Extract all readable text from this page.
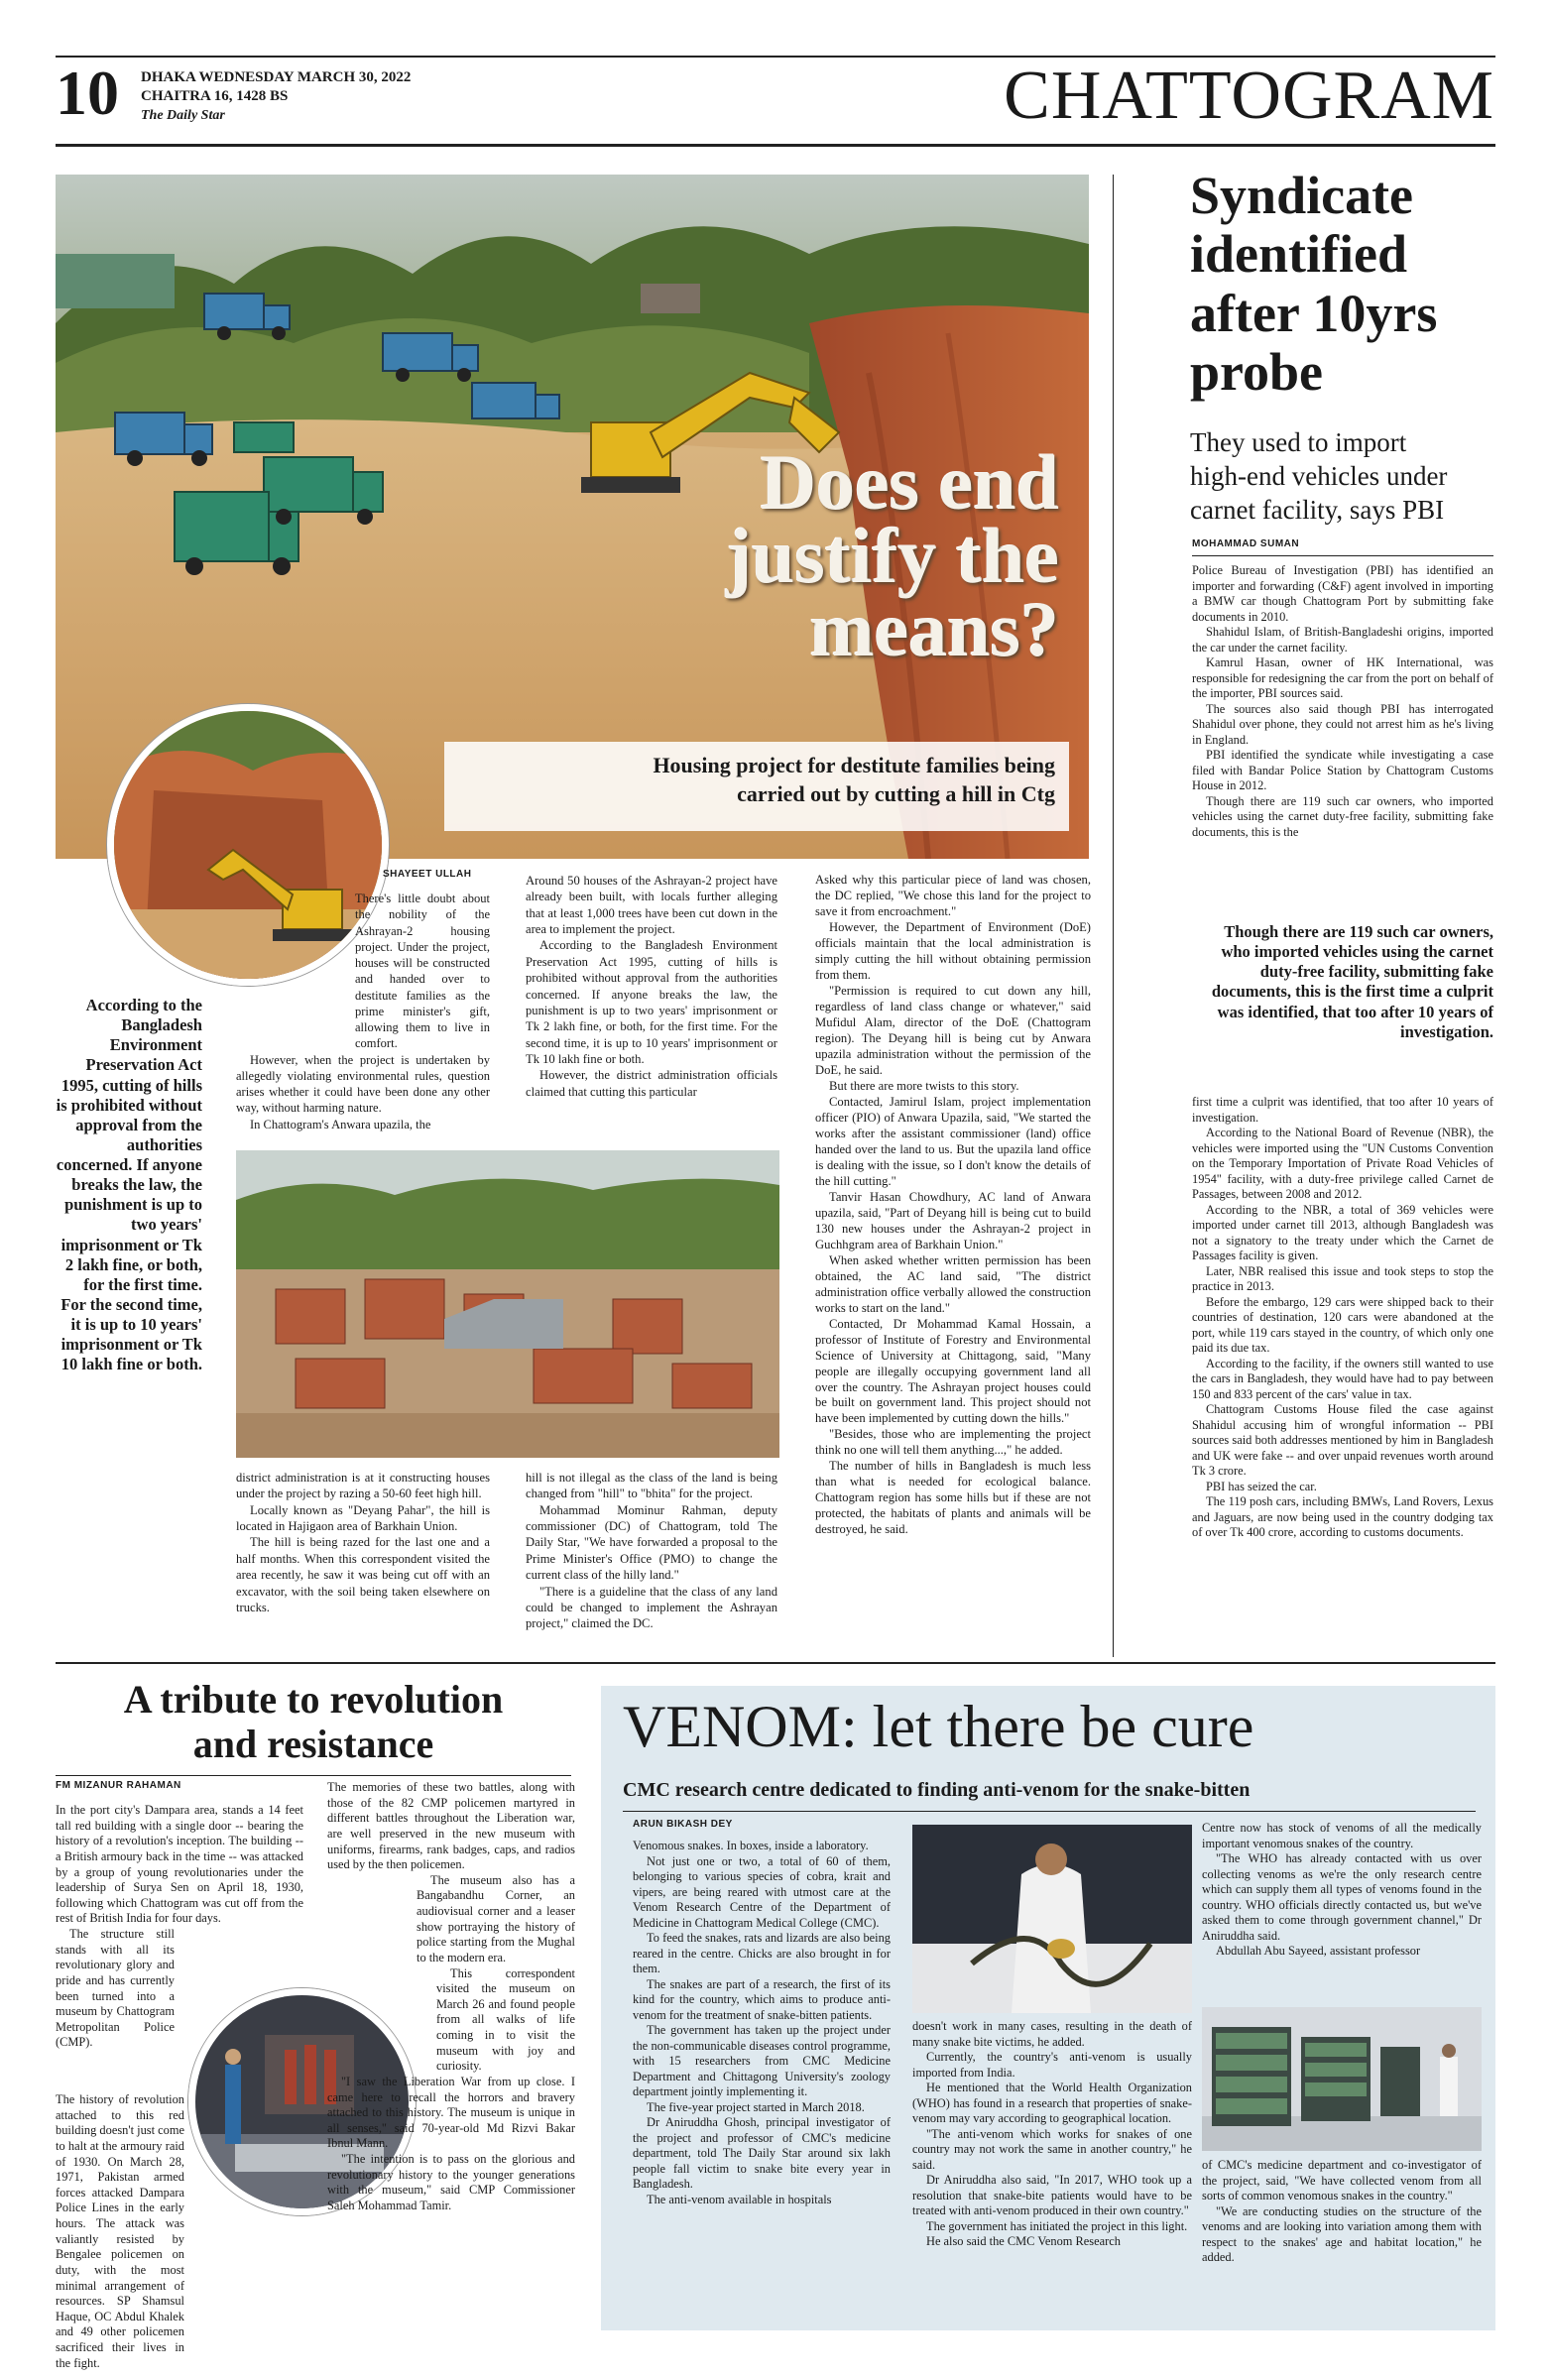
10 DHAKA WEDNESDAY MARCH 30, 2022
CHAITRA 16, 1428 BS
The Daily Star	CHATTOGRAM
Does end
justify the
means?
Housing project for destitute families being
carried out by cutting a hill in Ctg
SHAYEET ULLAH
According to the Bangladesh Environment Preservation Act 1995, cutting of hills is prohibited without approval from the authorities concerned. If anyone breaks the law, the punishment is up to two years' imprisonment or Tk 2 lakh fine, or both, for the first time. For the second time, it is up to 10 years' imprisonment or Tk 10 lakh fine or both.

There's little doubt about the nobility of the Ashrayan-2 housing project. Under the project, houses will be constructed and handed over to destitute families as the prime minister's gift, allowing them to live in comfort.

However, when the project is undertaken by allegedly violating environmental rules, question arises whether it could have been done any other way, without harming nature.

In Chattogram's Anwara upazila, the

Around 50 houses of the Ashrayan-2 project have already been built, with locals further alleging that at least 1,000 trees have been cut down in the area to implement the project.

According to the Bangladesh Environment Preservation Act 1995, cutting of hills is prohibited without approval from the authorities concerned. If anyone breaks the law, the punishment is up to two years' imprisonment or Tk 2 lakh fine, or both, for the first time. For the second time, it is up to 10 years' imprisonment or Tk 10 lakh fine or both.

However, the district administration officials claimed that cutting this particular

district administration is at it constructing houses under the project by razing a 50-60 feet high hill.

Locally known as "Deyang Pahar", the hill is located in Hajigaon area of Barkhain Union.

The hill is being razed for the last one and a half months. When this correspondent visited the area recently, he saw it was being cut off with an excavator, with the soil being taken elsewhere on trucks.

hill is not illegal as the class of the land is being changed from "hill" to "bhita" for the project.

Mohammad Mominur Rahman, deputy commissioner (DC) of Chattogram, told The Daily Star, "We have forwarded a proposal to the Prime Minister's Office (PMO) to change the current class of the hilly land."

"There is a guideline that the class of any land could be changed to implement the Ashrayan project," claimed the DC.

Asked why this particular piece of land was chosen, the DC replied, "We chose this land for the project to save it from encroachment."

However, the Department of Environment (DoE) officials maintain that the local administration is simply cutting the hill without obtaining permission from them.

"Permission is required to cut down any hill, regardless of land class change or whatever," said Mufidul Alam, director of the DoE (Chattogram region). The Deyang hill is being cut by Anwara upazila administration without the permission of the DoE, he said.

But there are more twists to this story.

Contacted, Jamirul Islam, project implementation officer (PIO) of Anwara Upazila, said, "We started the works after the assistant commissioner (land) office handed over the land to us. But the upazila land office is dealing with the issue, so I don't know the details of the hill cutting."

Tanvir Hasan Chowdhury, AC land of Anwara upazila, said, "Part of Deyang hill is being cut to build 130 new houses under the Ashrayan-2 project in Guchhgram area of Barkhain Union."

When asked whether written permission has been obtained, the AC land said, "The district administration office verbally allowed the construction works to start on the land."

Contacted, Dr Mohammad Kamal Hossain, a professor of Institute of Forestry and Environmental Science of University at Chittagong, said, "Many people are illegally occupying government land all over the country. The Ashrayan project houses could be built on government land. This project should not have been implemented by cutting down the hills."

"Besides, those who are implementing the project think no one will tell them anything...," he added.

The number of hills in Bangladesh is much less than what is needed for ecological balance. Chattogram region has some hills but if these are not protected, the habitats of plants and animals will be destroyed, he said.

Syndicate
identified
after 10yrs
probe
They used to import
high-end vehicles under
carnet facility, says PBI
MOHAMMAD SUMAN

Police Bureau of Investigation (PBI) has identified an importer and forwarding (C&F) agent involved in importing a BMW car though Chattogram Port by submitting fake documents in 2010.

Shahidul Islam, of British-Bangladeshi origins, imported the car under the carnet facility.

Kamrul Hasan, owner of HK International, was responsible for redesigning the car from the port on behalf of the importer, PBI sources said.

The sources also said though PBI has interrogated Shahidul over phone, they could not arrest him as he's living in England.

PBI identified the syndicate while investigating a case filed with Bandar Police Station by Chattogram Customs House in 2012.

Though there are 119 such car owners, who imported vehicles using the carnet duty-free facility, submitting fake documents, this is the

Though there are 119 such car owners, who imported vehicles using the carnet duty-free facility, submitting fake documents, this is the first time a culprit was identified, that too after 10 years of investigation.

first time a culprit was identified, that too after 10 years of investigation.

According to the National Board of Revenue (NBR), the vehicles were imported using the "UN Customs Convention on the Temporary Importation of Private Road Vehicles of 1954" facility, with a duty-free privilege called Carnet de Passages, between 2008 and 2012.

According to the NBR, a total of 369 vehicles were imported under carnet till 2013, although Bangladesh was not a signatory to the treaty under which the Carnet de Passages facility is given.

Later, NBR realised this issue and took steps to stop the practice in 2013.

Before the embargo, 129 cars were shipped back to their countries of destination, 120 cars were abandoned at the port, while 119 cars stayed in the country, of which only one paid its due tax.

According to the facility, if the owners still wanted to use the cars in Bangladesh, they would have had to pay between 150 and 833 percent of the cars' value in tax.

Chattogram Customs House filed the case against Shahidul accusing him of wrongful information -- PBI sources said both addresses mentioned by him in Bangladesh and UK were fake -- and over unpaid revenues worth around Tk 3 crore.

PBI has seized the car.

The 119 posh cars, including BMWs, Land Rovers, Lexus and Jaguars, are now being used in the country dodging tax of over Tk 400 crore, according to customs documents.

A tribute to revolution
and resistance
FM MIZANUR RAHAMAN

In the port city's Dampara area, stands a 14 feet tall red building with a single door -- bearing the history of a revolution's inception. The building -- a British armoury back in the time -- was attacked by a group of young revolutionaries under the leadership of Surya Sen on April 18, 1930, following which Chattogram was cut off from the rest of British India for four days.

The structure still stands with all its revolutionary glory and pride and has currently been turned into a museum by Chattogram Metropolitan Police (CMP).

The history of revolution attached to this red building doesn't just come to halt at the armoury raid of 1930. On March 28, 1971, Pakistan armed forces attacked Dampara Police Lines in the early hours. The attack was valiantly resisted by Bengalee policemen on duty, with the most minimal arrangement of resources. SP Shamsul Haque, OC Abdul Khalek and 49 other policemen sacrificed their lives in the fight.

The memories of these two battles, along with those of the 82 CMP policemen martyred in different battles throughout the Liberation war, are well preserved in the new museum with uniforms, firearms, rank badges, caps, and radios used by the then policemen.

The museum also has a Bangabandhu Corner, an audiovisual corner and a leaser show portraying the history of police starting from the Mughal to the modern era.

This correspondent visited the museum on March 26 and found people from all walks of life coming in to visit the museum with joy and curiosity.

"I saw the Liberation War from up close. I came here to recall the horrors and bravery attached to this history. The museum is unique in all senses," said 70-year-old Md Rizvi Bakar Ibnul Mann.

"The intention is to pass on the glorious and revolutionary history to the younger generations with the museum," said CMP Commissioner Saleh Mohammad Tamir.

VENOM: let there be cure
CMC research centre dedicated to finding anti-venom for the snake-bitten
ARUN BIKASH DEY

Venomous snakes. In boxes, inside a laboratory.

Not just one or two, a total of 60 of them, belonging to various species of cobra, krait and vipers, are being reared with utmost care at the Venom Research Centre of the Department of Medicine in Chattogram Medical College (CMC).

To feed the snakes, rats and lizards are also being reared in the centre. Chicks are also brought in for them.

The snakes are part of a research, the first of its kind for the country, which aims to produce anti-venom for the treatment of snake-bitten patients.

The government has taken up the project under the non-communicable diseases control programme, with 15 researchers from CMC Medicine Department and Chittagong University's zoology department jointly implementing it.

The five-year project started in March 2018.

Dr Aniruddha Ghosh, principal investigator of the project and professor of CMC's medicine department, told The Daily Star around six lakh people fall victim to snake bite every year in Bangladesh.

The anti-venom available in hospitals

doesn't work in many cases, resulting in the death of many snake bite victims, he added.

Currently, the country's anti-venom is usually imported from India.

He mentioned that the World Health Organization (WHO) has found in a research that properties of snake-venom may vary according to geographical location.

"The anti-venom which works for snakes of one country may not work the same in another country," he said.

Dr Aniruddha also said, "In 2017, WHO took up a resolution that snake-bite patients would have to be treated with anti-venom produced in their own country."

The government has initiated the project in this light.

He also said the CMC Venom Research

Centre now has stock of venoms of all the medically important venomous snakes of the country.

"The WHO has already contacted with us over collecting venoms as we're the only research centre which can supply them all types of venoms found in the country. WHO officials directly contacted us, but we've asked them to come through government channel," Dr Aniruddha said.

Abdullah Abu Sayeed, assistant professor

of CMC's medicine department and co-investigator of the project, said, "We have collected venom from all sorts of common venomous snakes in the country."

"We are conducting studies on the structure of the venoms and are looking into variation among them with respect to the snakes' age and habitat location," he added.
